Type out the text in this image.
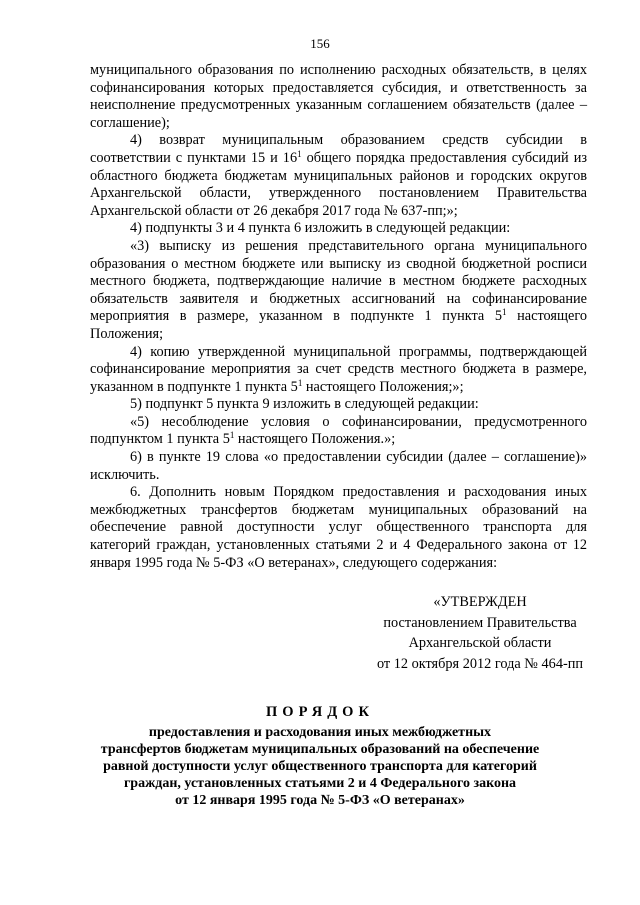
156

муниципального образования по исполнению расходных обязательств, в целях софинансирования которых предоставляется субсидия, и ответственность за неисполнение предусмотренных указанным соглашением обязательств (далее – соглашение);

4) возврат муниципальным образованием средств субсидии в соответствии с пунктами 15 и $16^1$ общего порядка предоставления субсидий из областного бюджета бюджетам муниципальных районов и городских округов Архангельской области, утвержденного постановлением Правительства Архангельской области от 26 декабря 2017 года № 637-пп;»;

4) подпункты 3 и 4 пункта 6 изложить в следующей редакции:

«3) выписку из решения представительного органа муниципального образования о местном бюджете или выписку из сводной бюджетной росписи местного бюджета, подтверждающие наличие в местном бюджете расходных обязательств заявителя и бюджетных ассигнований на софинансирование мероприятия в размере, указанном в подпункте 1 пункта $5^1$ настоящего Положения;

4) копию утвержденной муниципальной программы, подтверждающей софинансирование мероприятия за счет средств местного бюджета в размере, указанном в подпункте 1 пункта $5^1$ настоящего Положения;»;

5) подпункт 5 пункта 9 изложить в следующей редакции:

«5) несоблюдение условия о софинансировании, предусмотренного подпунктом 1 пункта $5^1$ настоящего Положения.»;

6) в пункте 19 слова «о предоставлении субсидии (далее – соглашение)» исключить.

6. Дополнить новым Порядком предоставления и расходования иных межбюджетных трансфертов бюджетам муниципальных образований на обеспечение равной доступности услуг общественного транспорта для категорий граждан, установленных статьями 2 и 4 Федерального закона от 12 января 1995 года № 5-ФЗ «О ветеранах», следующего содержания:

«УТВЕРЖДЕН
постановлением Правительства
Архангельской области
от 12 октября 2012 года № 464-пп
ПОРЯДОК
предоставления и расходования иных межбюджетных
трансфертов бюджетам муниципальных образований на обеспечение
равной доступности услуг общественного транспорта для категорий
граждан, установленных статьями 2 и 4 Федерального закона
от 12 января 1995 года № 5-ФЗ «О ветеранах»
